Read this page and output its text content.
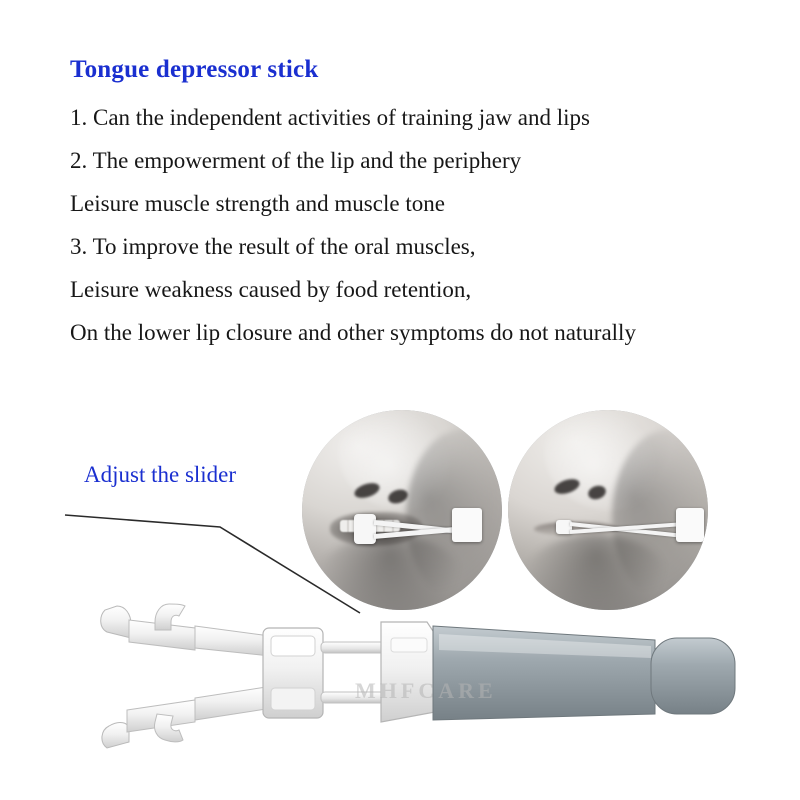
Tongue depressor stick
1. Can the independent activities of training jaw and lips
2. The empowerment of the lip and the periphery
Leisure muscle strength and muscle tone
3. To improve the result of the oral muscles,
Leisure weakness caused by food retention,
On the lower lip closure and other symptoms do not naturally
Adjust the slider
MHFCARE
